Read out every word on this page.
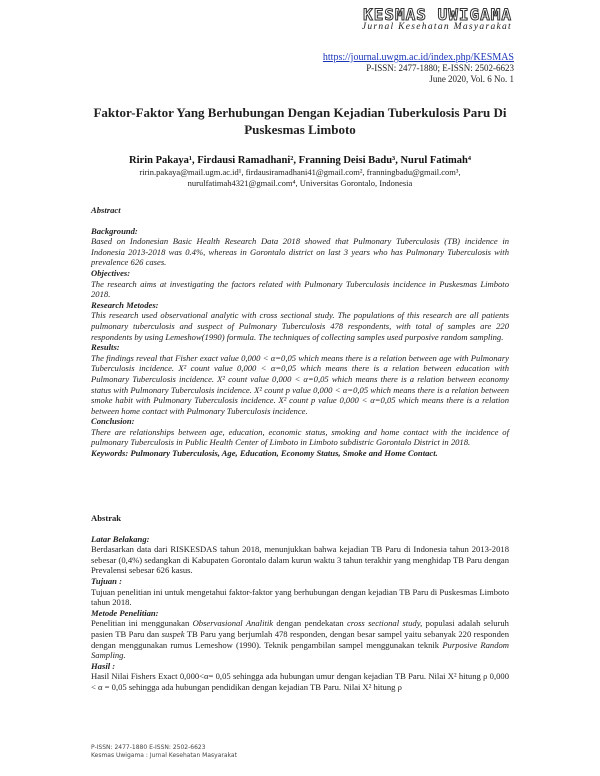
KESMAS UWIGAMA
Jurnal Kesehatan Masyarakat
https://journal.uwgm.ac.id/index.php/KESMAS
P-ISSN: 2477-1880; E-ISSN: 2502-6623
June 2020, Vol. 6 No. 1
Faktor-Faktor Yang Berhubungan Dengan Kejadian Tuberkulosis Paru Di Puskesmas Limboto
Ririn Pakaya¹, Firdausi Ramadhani², Franning Deisi Badu³, Nurul Fatimah⁴
ririn.pakaya@mail.ugm.ac.id¹, firdausiramadhani41@gmail.com², franningbadu@gmail.com³,
nurulfatimah4321@gmail.com⁴, Universitas Gorontalo, Indonesia
Abstract
Background:
Based on Indonesian Basic Health Research Data 2018 showed that Pulmonary Tuberculosis (TB) incidence in Indonesia 2013-2018 was 0.4%, whereas in Gorontalo district on last 3 years who has Pulmonary Tuberculosis with prevalence 626 cases.
Objectives:
The research aims at investigating the factors related with Pulmonary Tuberculosis incidence in Puskesmas Limboto 2018.
Research Metodes:
This research used observational analytic with cross sectional study. The populations of this research are all patients pulmonary tuberculosis and suspect of Pulmonary Tuberculosis 478 respondents, with total of samples are 220 respondents by using Lemeshow(1990) formula. The techniques of collecting samples used purposive random sampling.
Results:
The findings reveal that Fisher exact value 0,000 < α=0,05 which means there is a relation between age with Pulmonary Tuberculosis incidence. X² count value 0,000 < α=0,05 which means there is a relation between education with Pulmonary Tuberculosis incidence. X² count value 0,000 < α=0,05 which means there is a relation between economy status with Pulmonary Tuberculosis incidence. X² count p value 0,000 < α=0,05 which means there is a relation between smoke habit with Pulmonary Tuberculosis incidence. X² count p value 0,000 < α=0,05 which means there is a relation between home contact with Pulmonary Tuberculosis incidence.
Conclusion:
There are relationships between age, education, economic status, smoking and home contact with the incidence of pulmonary Tuberculosis in Public Health Center of Limboto in Limboto subdistric Gorontalo District in 2018.
Keywords: Pulmonary Tuberculosis, Age, Education, Economy Status, Smoke and Home Contact.
Abstrak
Latar Belakang:
Berdasarkan data dari RISKESDAS tahun 2018, menunjukkan bahwa kejadian TB Paru di Indonesia tahun 2013-2018 sebesar (0,4%) sedangkan di Kabupaten Gorontalo dalam kurun waktu 3 tahun terakhir yang menghidap TB Paru dengan Prevalensi sebesar 626 kasus.
Tujuan :
Tujuan penelitian ini untuk mengetahui faktor-faktor yang berhubungan dengan kejadian TB Paru di Puskesmas Limboto tahun 2018.
Metode Penelitian:
Penelitian ini menggunakan Observasional Analitik dengan pendekatan cross sectional study, populasi adalah seluruh pasien TB Paru dan suspek TB Paru yang berjumlah 478 responden, dengan besar sampel yaitu sebanyak 220 responden dengan menggunakan rumus Lemeshow (1990). Teknik pengambilan sampel menggunakan teknik Purposive Random Sampling.
Hasil :
Hasil Nilai Fishers Exact 0,000<α= 0,05 sehingga ada hubungan umur dengan kejadian TB Paru. Nilai X² hitung ρ 0,000 < α = 0,05 sehingga ada hubungan pendidikan dengan kejadian TB Paru. Nilai X² hitung ρ
P-ISSN: 2477-1880 E-ISSN: 2502-6623
Kesmas Uwigama : Jurnal Kesehatan Masyarakat
